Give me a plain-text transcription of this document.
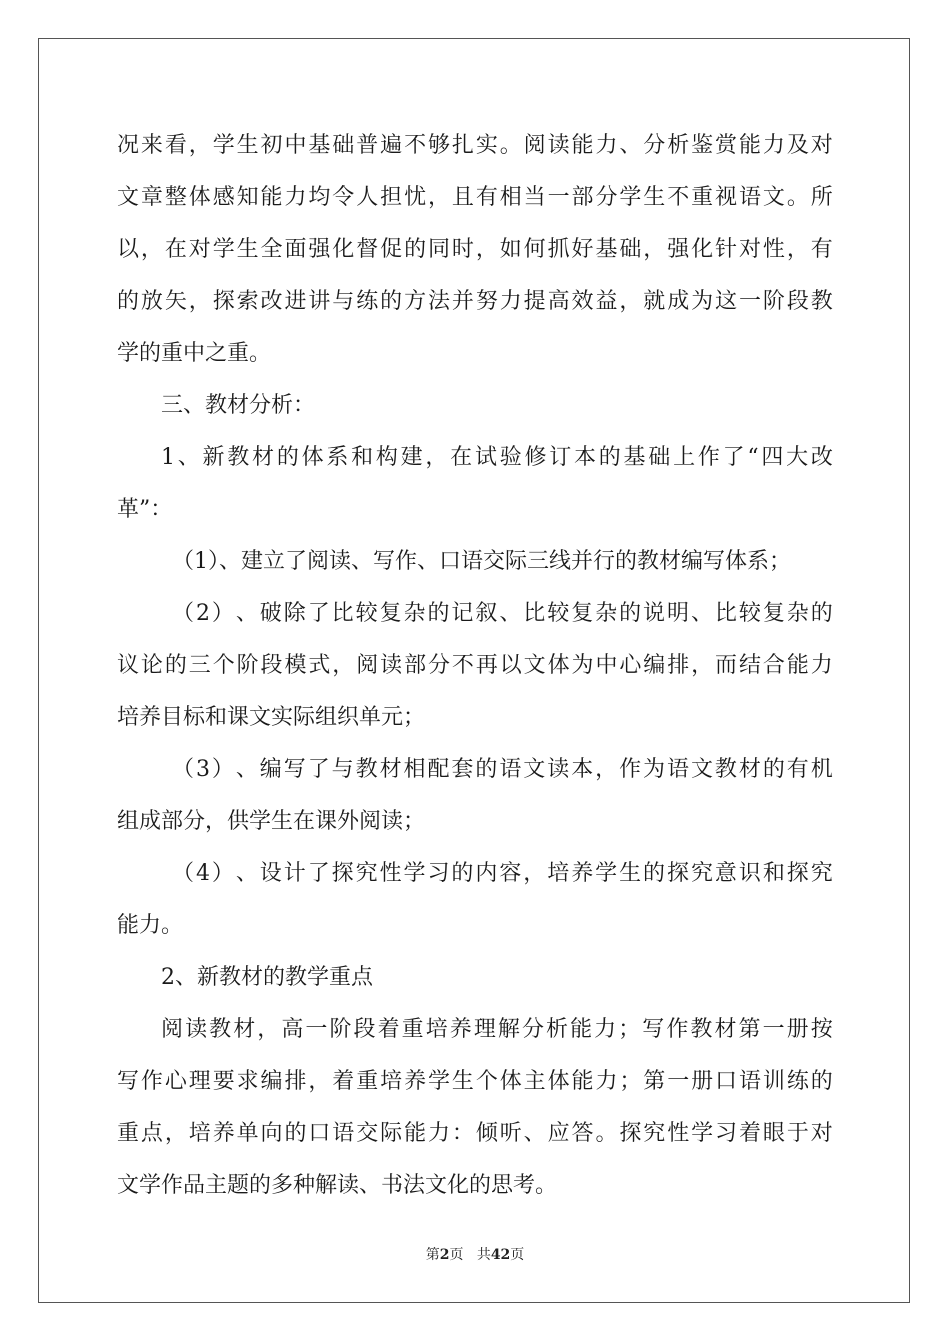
况 来 看 ， 学 生 初 中 基 础 普 遍 不 够 扎 实 。 阅 读 能 力 、 分 析 鉴 赏 能 力 及 对
文 章 整 体 感 知 能 力 均 令 人 担 忧 ， 且 有 相 当 一 部 分 学 生 不 重 视 语 文 。 所
以 ， 在 对 学 生 全 面 强 化 督 促 的 同 时 ， 如 何 抓 好 基 础 ， 强 化 针 对 性 ， 有
的 放 矢 ， 探 索 改 进 讲 与 练 的 方 法 并 努 力 提 高 效 益 ， 就 成 为 这 一 阶 段 教
学的重中之重。
三、教材分析：
1 、 新 教 材 的 体 系 和 构 建 ， 在 试 验 修 订 本 的 基 础 上 作 了 “ 四 大 改
革”：
（1）、建立了阅读、写作、口语交际三线并行的教材编写体系；
（ 2 ） 、 破 除 了 比 较 复 杂 的 记 叙 、 比 较 复 杂 的 说 明 、 比 较 复 杂 的
议 论 的 三 个 阶 段 模 式 ， 阅 读 部 分 不 再 以 文 体 为 中 心 编 排 ， 而 结 合 能 力
培养目标和课文实际组织单元；
（ 3 ） 、 编 写 了 与 教 材 相 配 套 的 语 文 读 本 ， 作 为 语 文 教 材 的 有 机
组成部分，供学生在课外阅读；
（ 4 ） 、 设 计 了 探 究 性 学 习 的 内 容 ， 培 养 学 生 的 探 究 意 识 和 探 究
能力。
2、新教材的教学重点
阅 读 教 材 ， 高 一 阶 段 着 重 培 养 理 解 分 析 能 力 ； 写 作 教 材 第 一 册 按
写 作 心 理 要 求 编 排 ， 着 重 培 养 学 生 个 体 主 体 能 力 ； 第 一 册 口 语 训 练 的
重 点 ， 培 养 单 向 的 口 语 交 际 能 力 ： 倾 听 、 应 答 。 探 究 性 学 习 着 眼 于 对
文学作品主题的多种解读、书法文化的思考。
第2页 共42页
